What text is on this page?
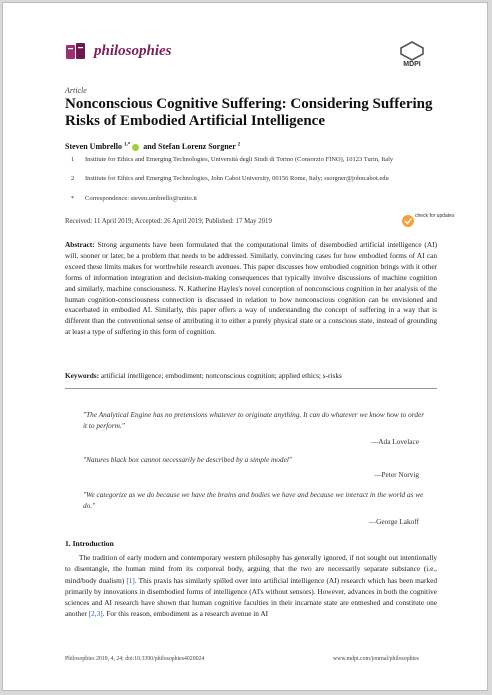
philosophies
MDPI
Article
Nonconscious Cognitive Suffering: Considering Suffering Risks of Embodied Artificial Intelligence
Steven Umbrello $^{1,*}$ and Stefan Lorenz Sorgner $^2$
1 Institute for Ethics and Emerging Technologies, Università degli Studi di Torino (Consorzio FINO), 10123 Turin, Italy
2 Institute for Ethics and Emerging Technologies, John Cabot University, 00156 Rome, Italy; ssorgner@johncabot.edu
* Correspondence: steven.umbrello@unito.it
Received: 11 April 2019; Accepted: 26 April 2019; Published: 17 May 2019
check for updates
Abstract: Strong arguments have been formulated that the computational limits of disembodied artificial intelligence (AI) will, sooner or later, be a problem that needs to be addressed. Similarly, convincing cases for how embodied forms of AI can exceed these limits makes for worthwhile research avenues. This paper discusses how embodied cognition brings with it other forms of information integration and decision-making consequences that typically involve discussions of machine cognition and similarly, machine consciousness. N. Katherine Hayles's novel conception of nonconscious cognition in her analysis of the human cognition-consciousness connection is discussed in relation to how nonconscious cognition can be envisioned and exacerbated in embodied AI. Similarly, this paper offers a way of understanding the concept of suffering in a way that is different than the conventional sense of attributing it to either a purely physical state or a conscious state, instead of grounding at least a type of suffering in this form of cognition.
Keywords: artificial intelligence; embodiment; nonconscious cognition; applied ethics; s-risks
"The Analytical Engine has no pretensions whatever to originate anything. It can do whatever we know how to order it to perform."
—Ada Lovelace
"Natures black box cannot necessarily be described by a simple model"
—Peter Norvig
"We categorize as we do because we have the brains and bodies we have and because we interact in the world as we do."
—George Lakoff
1. Introduction
The tradition of early modern and contemporary western philosophy has generally ignored, if not sought out intentionally to disentangle, the human mind from its corporeal body, arguing that the two are necessarily separate substance (i.e., mind/body dualism) [1]. This praxis has similarly spilled over into artificial intelligence (AI) research which has been marked primarily by innovations in disembodied forms of intelligence (AI's without sensors). However, advances in both the cognitive sciences and AI research have shown that human cognitive faculties in their incarnate state are enmeshed and constitute one another [2,3]. For this reason, embodiment as a research avenue in AI
Philosophies 2019, 4, 24; doi:10.3390/philosophies4020024	www.mdpi.com/journal/philosophies
